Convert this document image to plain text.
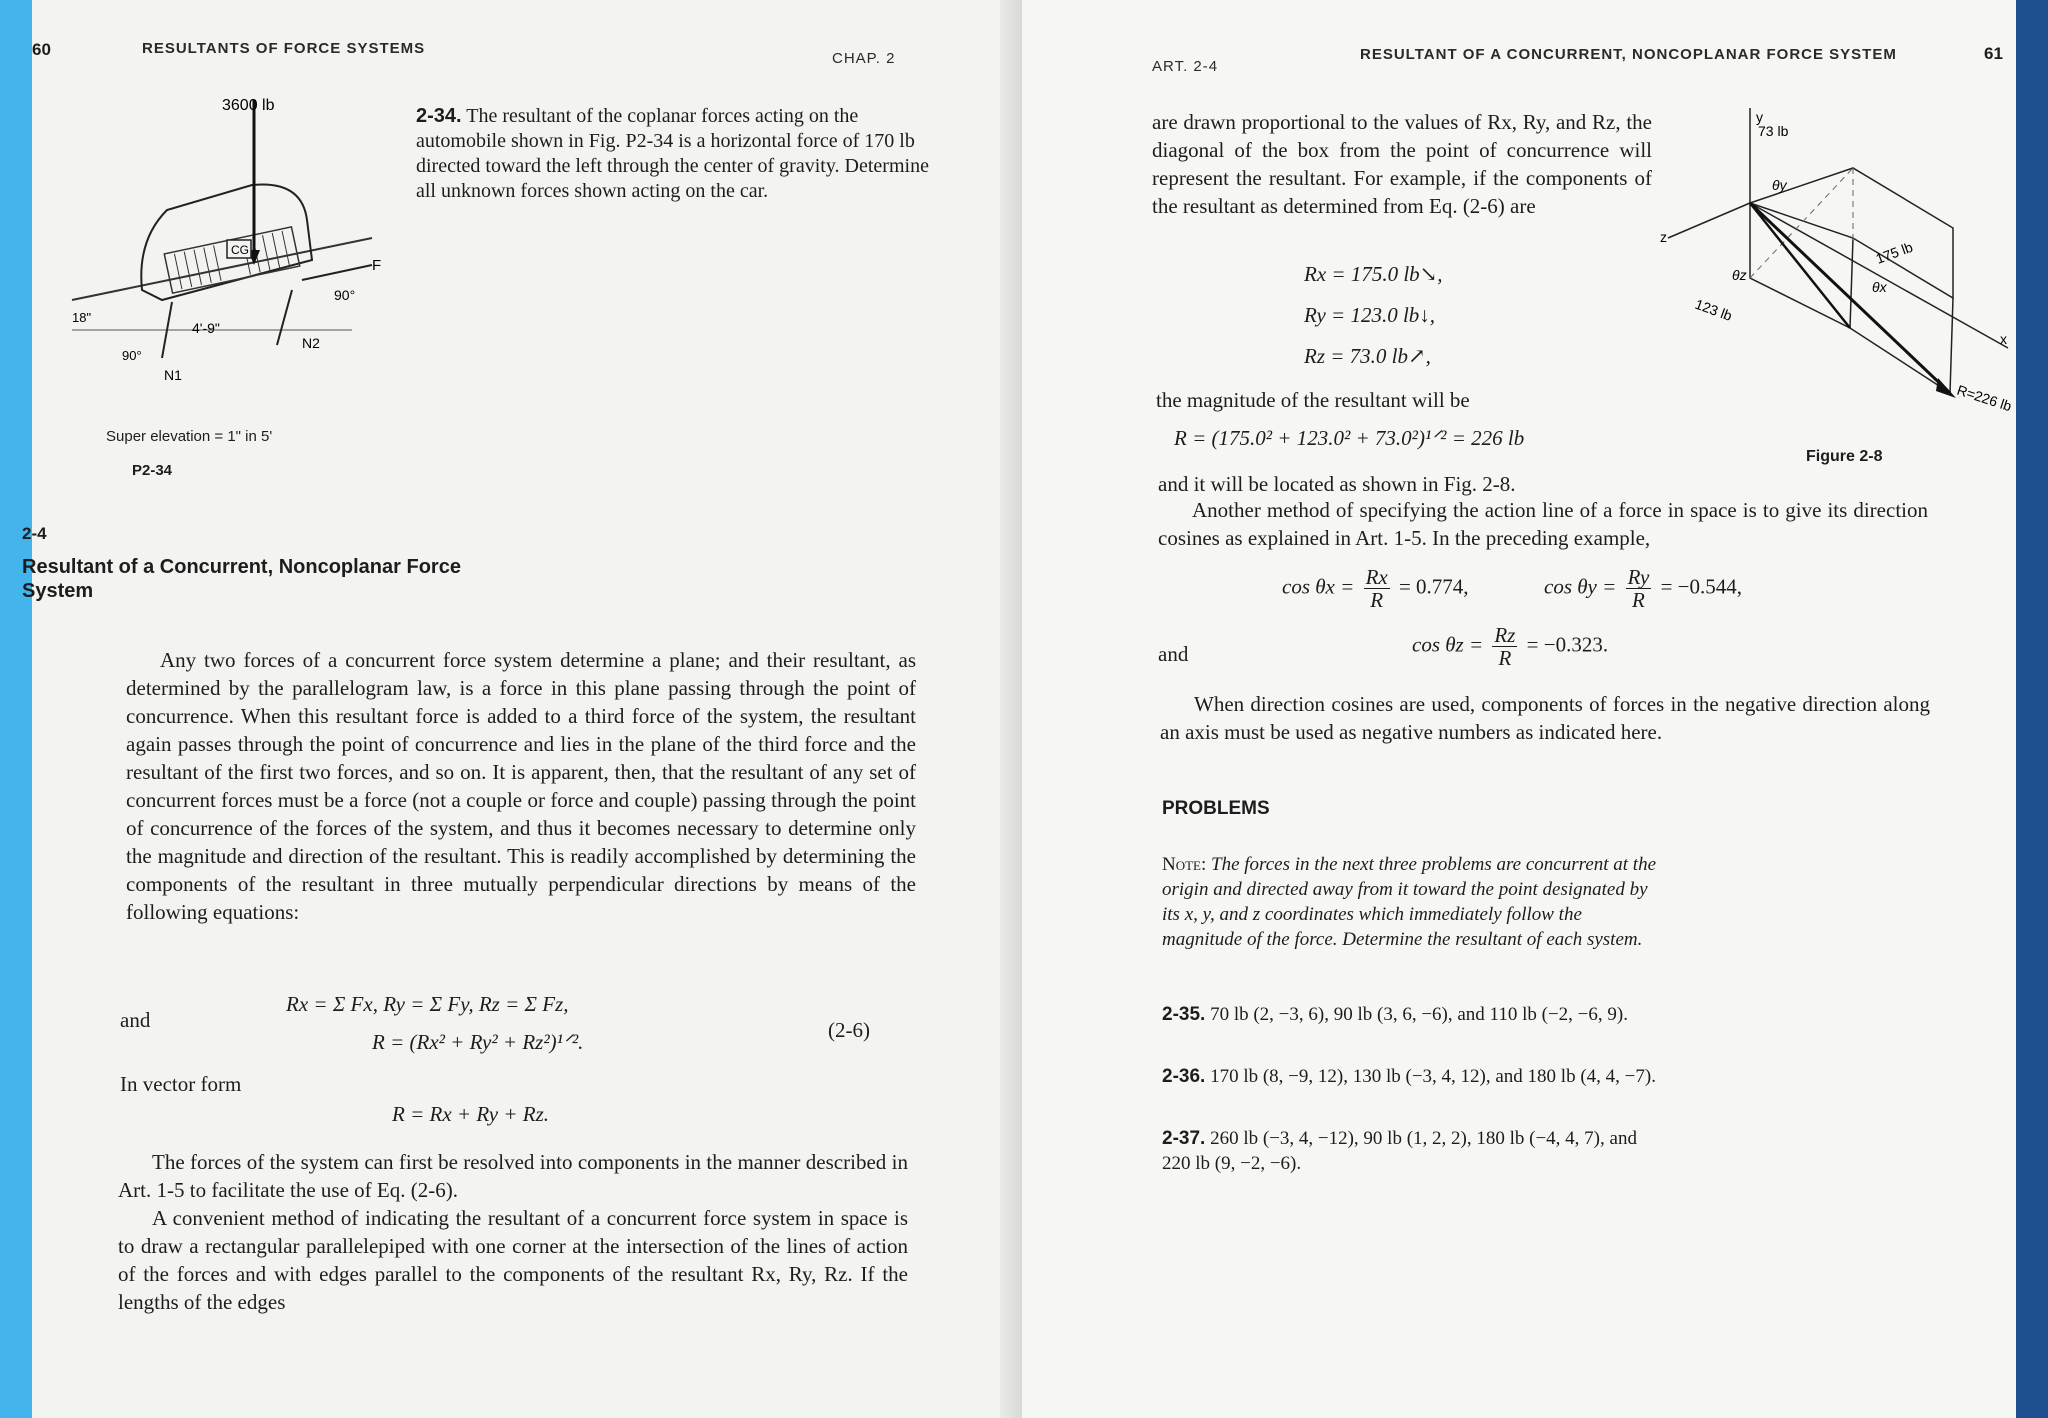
60	RESULTANTS OF FORCE SYSTEMS
CHAP. 2
CG
3600 lb
F
90°
N2
N1
18"
4'-9"
90°
Super elevation = 1" in 5'
P2-34
2-34. The resultant of the coplanar forces acting on the automobile shown in Fig. P2-34 is a horizontal force of 170 lb directed toward the left through the center of gravity. Determine all unknown forces shown acting on the car.
2-4
Resultant of a Concurrent, Noncoplanar Force
System

Any two forces of a concurrent force system determine a plane; and their resultant, as determined by the parallelogram law, is a force in this plane passing through the point of concurrence. When this resultant force is added to a third force of the system, the resultant again passes through the point of concurrence and lies in the plane of the third force and the resultant of the first two forces, and so on. It is apparent, then, that the resultant of any set of concurrent forces must be a force (not a couple or force and couple) passing through the point of concurrence of the forces of the system, and thus it becomes necessary to determine only the magnitude and direction of the resultant. This is readily accomplished by determining the components of the resultant in three mutually perpendicular directions by means of the following equations:

Rx = Σ Fx, Ry = Σ Fy, Rz = Σ Fz,
and
R = (Rx² + Ry² + Rz²)¹ᐟ².	(2-6)
In vector form
R = Rx + Ry + Rz.

The forces of the system can first be resolved into components in the manner described in Art. 1-5 to facilitate the use of Eq. (2-6).

A convenient method of indicating the resultant of a concurrent force system in space is to draw a rectangular parallelepiped with one corner at the intersection of the lines of action of the forces and with edges parallel to the components of the resultant Rx, Ry, Rz. If the lengths of the edges

ART. 2-4
RESULTANT OF A CONCURRENT, NONCOPLANAR FORCE SYSTEM	61
are drawn proportional to the values of Rx, Ry, and Rz, the diagonal of the box from the point of concurrence will represent the resultant. For example, if the components of the resultant as determined from Eq. (2-6) are
Rx = 175.0 lb↘,
Ry = 123.0 lb↓,
Rz = 73.0 lb↗,
the magnitude of the resultant will be
R = (175.0² + 123.0² + 73.0²)¹ᐟ² = 226 lb
and it will be located as shown in Fig. 2-8.

Another method of specifying the action line of a force in space is to give its direction cosines as explained in Art. 1-5. In the preceding example,

$\cos \theta x = \frac{Rx}{R} = 0.774$,	$\cos \theta y = \frac{Ry}{R} = -0.544$,
and	$\cos \theta z = \frac{Rz}{R} = -0.323$.

When direction cosines are used, components of forces in the negative direction along an axis must be used as negative numbers as indicated here.

PROBLEMS
Note: The forces in the next three problems are concurrent at the origin and directed away from it toward the point designated by its x, y, and z coordinates which immediately follow the magnitude of the force. Determine the resultant of each system.
2-35. 70 lb (2, −3, 6), 90 lb (3, 6, −6), and 110 lb (−2, −6, 9).
2-36. 170 lb (8, −9, 12), 130 lb (−3, 4, 12), and 180 lb (4, 4, −7).
2-37. 260 lb (−3, 4, −12), 90 lb (1, 2, 2), 180 lb (−4, 4, 7), and 220 lb (9, −2, −6).
y
z
x
73 lb
175 lb
123 lb
R=226 lb
θy
θz
θx
Figure 2-8
